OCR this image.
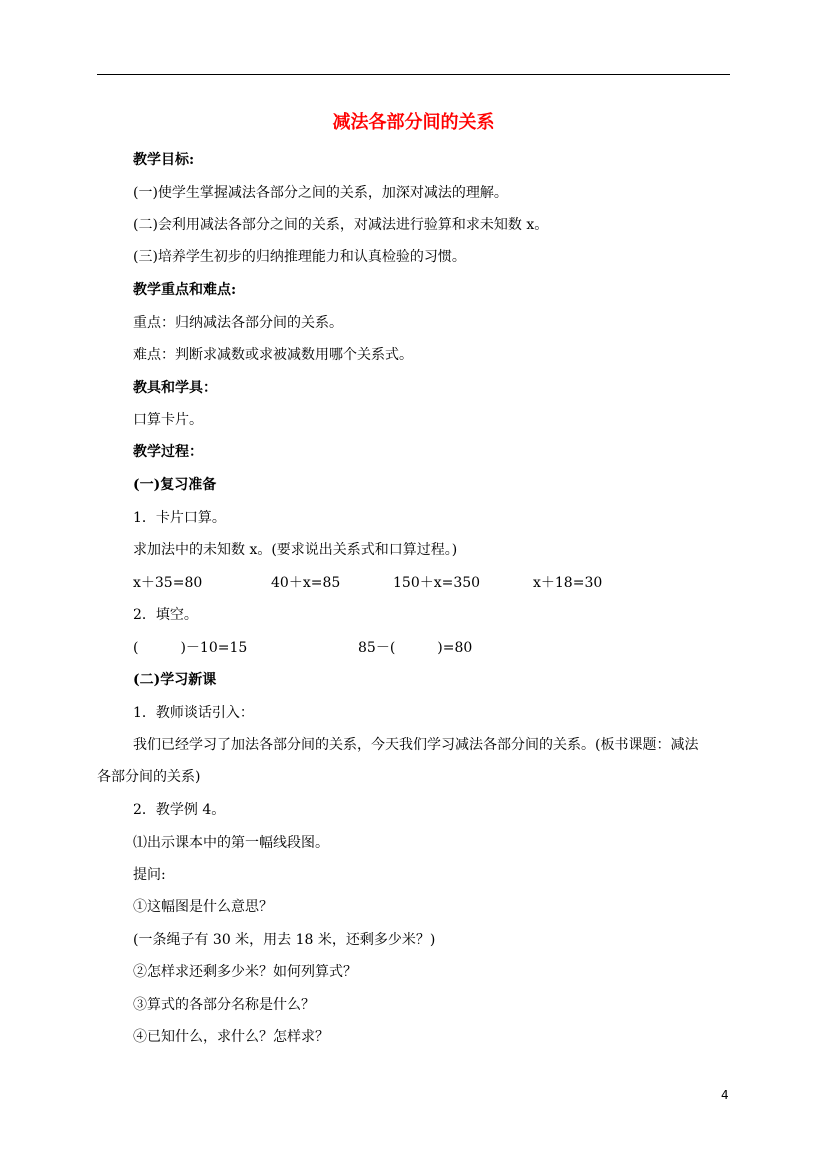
减法各部分间的关系
教学目标:
(一)使学生掌握减法各部分之间的关系，加深对减法的理解。
(二)会利用减法各部分之间的关系，对减法进行验算和求未知数 x。
(三)培养学生初步的归纳推理能力和认真检验的习惯。
教学重点和难点:
重点：归纳减法各部分间的关系。
难点：判断求减数或求被减数用哪个关系式。
教具和学具：
口算卡片。
教学过程：
(一)复习准备
1．卡片口算。
求加法中的未知数 x。(要求说出关系式和口算过程。)
x＋35=80	40＋x=85	150＋x=350	x＋18=30
2．填空。
(　　　)－10=15	85－(　　　)=80
(二)学习新课
1．教师谈话引入：
我们已经学习了加法各部分间的关系，今天我们学习减法各部分间的关系。(板书课题：减法
各部分间的关系)
2．教学例 4。
⑴出示课本中的第一幅线段图。
提问:
①这幅图是什么意思？
(一条绳子有 30 米，用去 18 米，还剩多少米？)
②怎样求还剩多少米？如何列算式？
③算式的各部分名称是什么？
④已知什么，求什么？怎样求？
4
